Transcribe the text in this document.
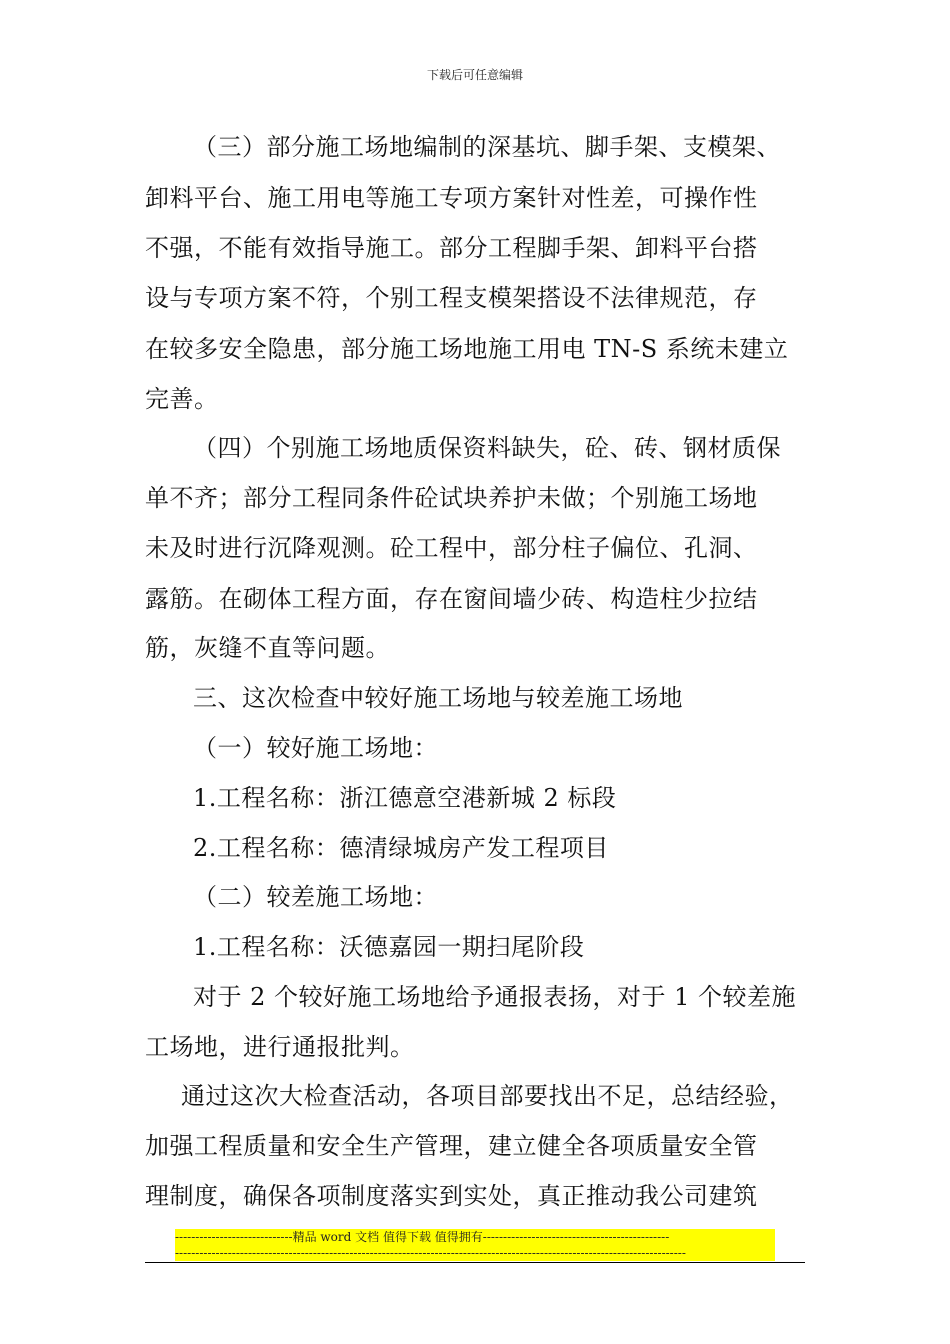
下载后可任意编辑
（三）部分施工场地编制的深基坑、脚手架、支模架、
卸料平台、施工用电等施工专项方案针对性差，可操作性
不强，不能有效指导施工。部分工程脚手架、卸料平台搭
设与专项方案不符，个别工程支模架搭设不法律规范，存
在较多安全隐患，部分施工场地施工用电 TN-S 系统未建立
完善。
（四）个别施工场地质保资料缺失，砼、砖、钢材质保
单不齐；部分工程同条件砼试块养护未做；个别施工场地
未及时进行沉降观测。砼工程中，部分柱子偏位、孔洞、
露筋。在砌体工程方面，存在窗间墙少砖、构造柱少拉结
筋，灰缝不直等问题。
三、这次检查中较好施工场地与较差施工场地
（一）较好施工场地：
1.工程名称：浙江德意空港新城 2 标段
2.工程名称：德清绿城房产发工程项目
（二）较差施工场地：
1.工程名称：沃德嘉园一期扫尾阶段
对于 2 个较好施工场地给予通报表扬，对于 1 个较差施
工场地，进行通报批判。
通过这次大检查活动，各项目部要找出不足，总结经验，
加强工程质量和安全生产管理，建立健全各项质量安全管
理制度，确保各项制度落实到实处，真正推动我公司建筑
-----------------------------精品 word 文档 值得下载 值得拥有----------------------------------------------
------------------------------------------------------------------------------------------------------------------------------
